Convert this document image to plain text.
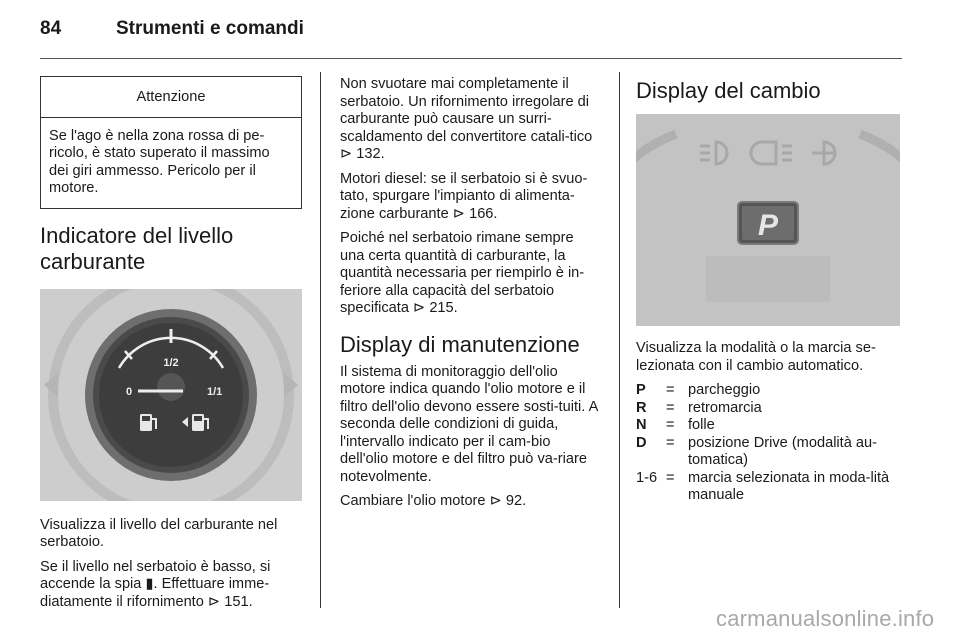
84	Strumenti e comandi
Attenzione
Se l'ago è nella zona rossa di pe-ricolo, è stato superato il massimo dei giri ammesso. Pericolo per il motore.
Indicatore del livello carburante
1/2
1/1
0

Visualizza il livello del carburante nel serbatoio.

Se il livello nel serbatoio è basso, si accende la spia ▮. Effettuare imme-diatamente il rifornimento ⊳ 151.

Non svuotare mai completamente il serbatoio. Un rifornimento irregolare di carburante può causare un surri-scaldamento del convertitore catali-tico ⊳ 132.

Motori diesel: se il serbatoio si è svuo-tato, spurgare l'impianto di alimenta-zione carburante ⊳ 166.

Poiché nel serbatoio rimane sempre una certa quantità di carburante, la quantità necessaria per riempirlo è in-feriore alla capacità del serbatoio specificata ⊳ 215.

Display di manutenzione

Il sistema di monitoraggio dell'olio motore indica quando l'olio motore e il filtro dell'olio devono essere sosti-tuiti. A seconda delle condizioni di guida, l'intervallo indicato per il cam-bio dell'olio motore e del filtro può va-riare notevolmente.

Cambiare l'olio motore ⊳ 92.

Display del cambio
P

Visualizza la modalità o la marcia se-lezionata con il cambio automatico.

P	= parcheggio
R	= retromarcia
N	= folle
D	= posizione Drive (modalità au-tomatica)
1-6 = marcia selezionata in moda-lità manuale
carmanualsonline.info
